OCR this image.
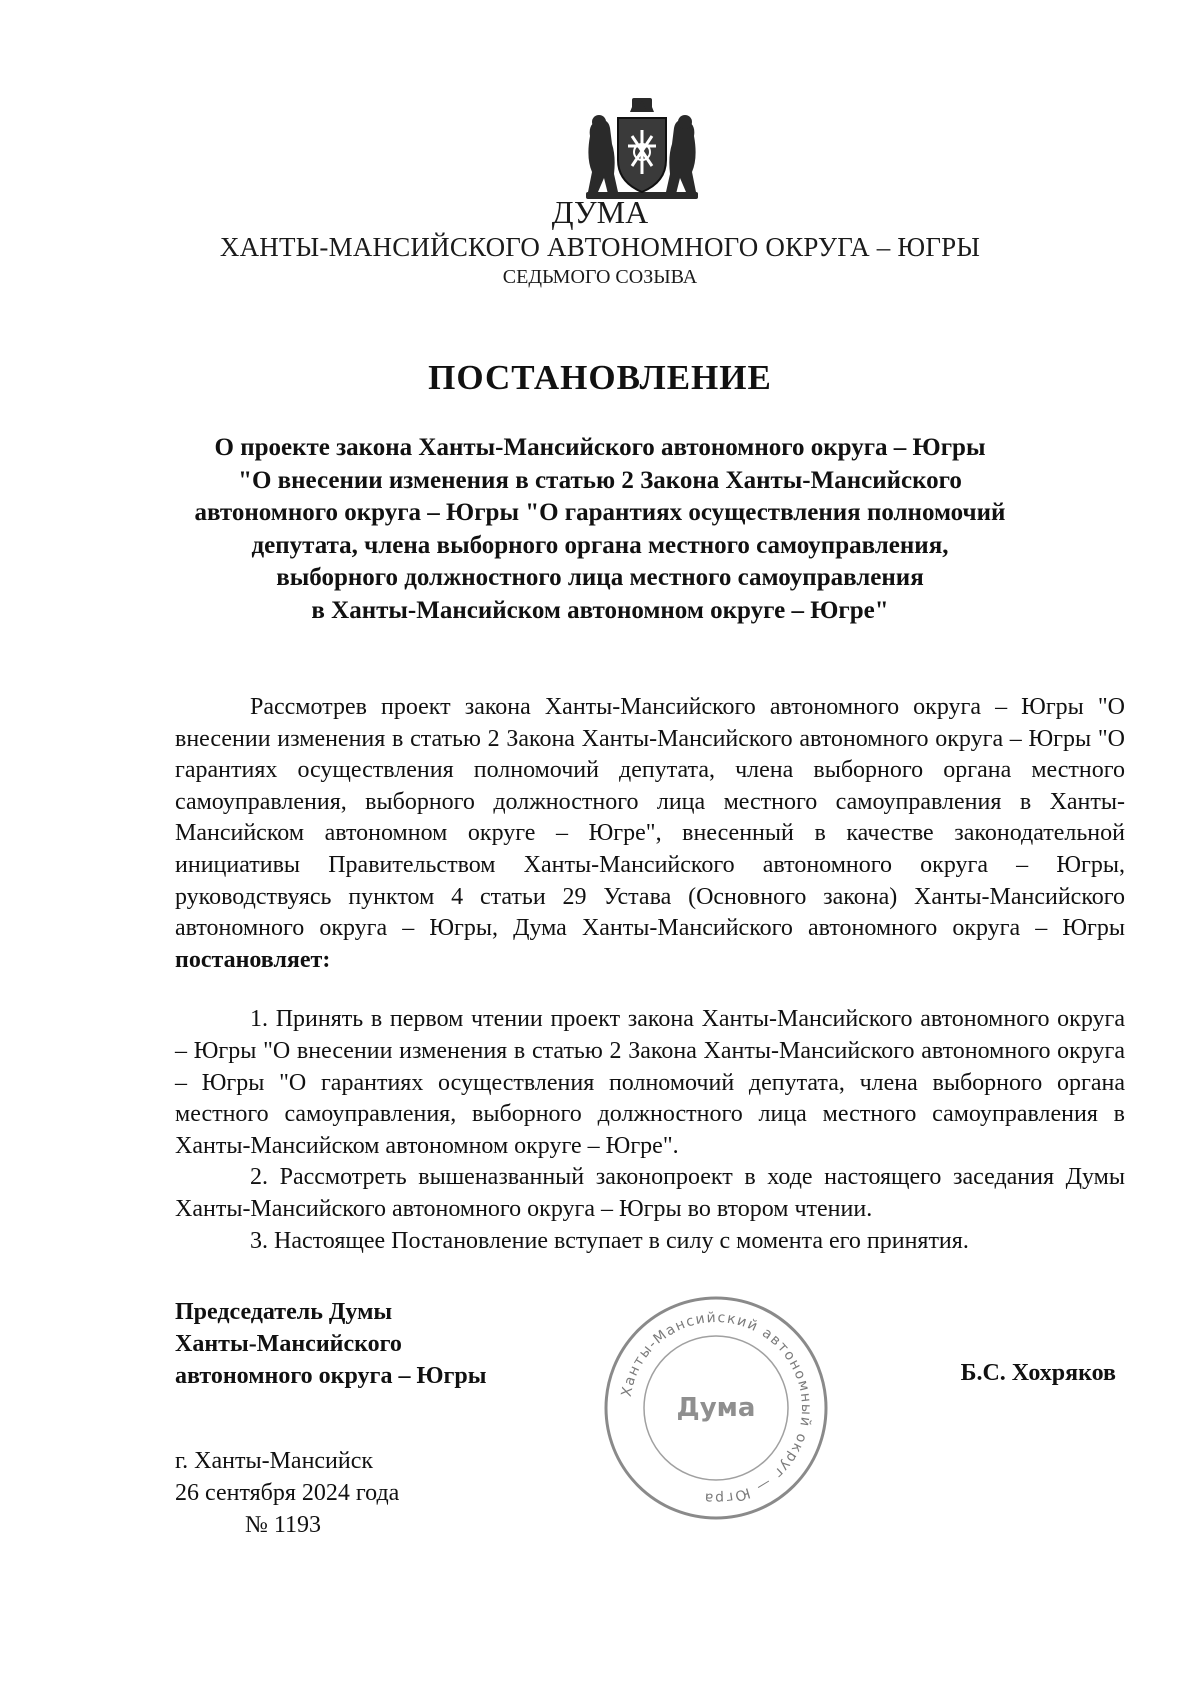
ДУМА
ХАНТЫ-МАНСИЙСКОГО АВТОНОМНОГО ОКРУГА – ЮГРЫ
СЕДЬМОГО СОЗЫВА
ПОСТАНОВЛЕНИЕ
О проекте закона Ханты-Мансийского автономного округа – Югры
"О внесении изменения в статью 2 Закона Ханты-Мансийского
автономного округа – Югры "О гарантиях осуществления полномочий
депутата, члена выборного органа местного самоуправления,
выборного должностного лица местного самоуправления
в Ханты-Мансийском автономном округе – Югре"

Рассмотрев проект закона Ханты-Мансийского автономного округа – Югры "О внесении изменения в статью 2 Закона Ханты-Мансийского автономного округа – Югры "О гарантиях осуществления полномочий депутата, члена выборного органа местного самоуправления, выборного должностного лица местного самоуправления в Ханты-Мансийском автономном округе – Югре", внесенный в качестве законодательной инициативы Правительством Ханты-Мансийского автономного округа – Югры, руководствуясь пунктом 4 статьи 29 Устава (Основного закона) Ханты-Мансийского автономного округа – Югры, Дума Ханты-Мансийского автономного округа – Югры постановляет:

1. Принять в первом чтении проект закона Ханты-Мансийского автономного округа – Югры "О внесении изменения в статью 2 Закона Ханты-Мансийского автономного округа – Югры "О гарантиях осуществления полномочий депутата, члена выборного органа местного самоуправления, выборного должностного лица местного самоуправления в Ханты-Мансийском автономном округе – Югре".

2. Рассмотреть вышеназванный законопроект в ходе настоящего заседания Думы Ханты-Мансийского автономного округа – Югры во втором чтении.

3. Настоящее Постановление вступает в силу с момента его принятия.

Председатель Думы
Ханты-Мансийского
автономного округа – Югры
Ханты-Мансийский автономный округ — Югра
Дума
Б.С. Хохряков
г. Ханты-Мансийск
26 сентября 2024 года
№ 1193
